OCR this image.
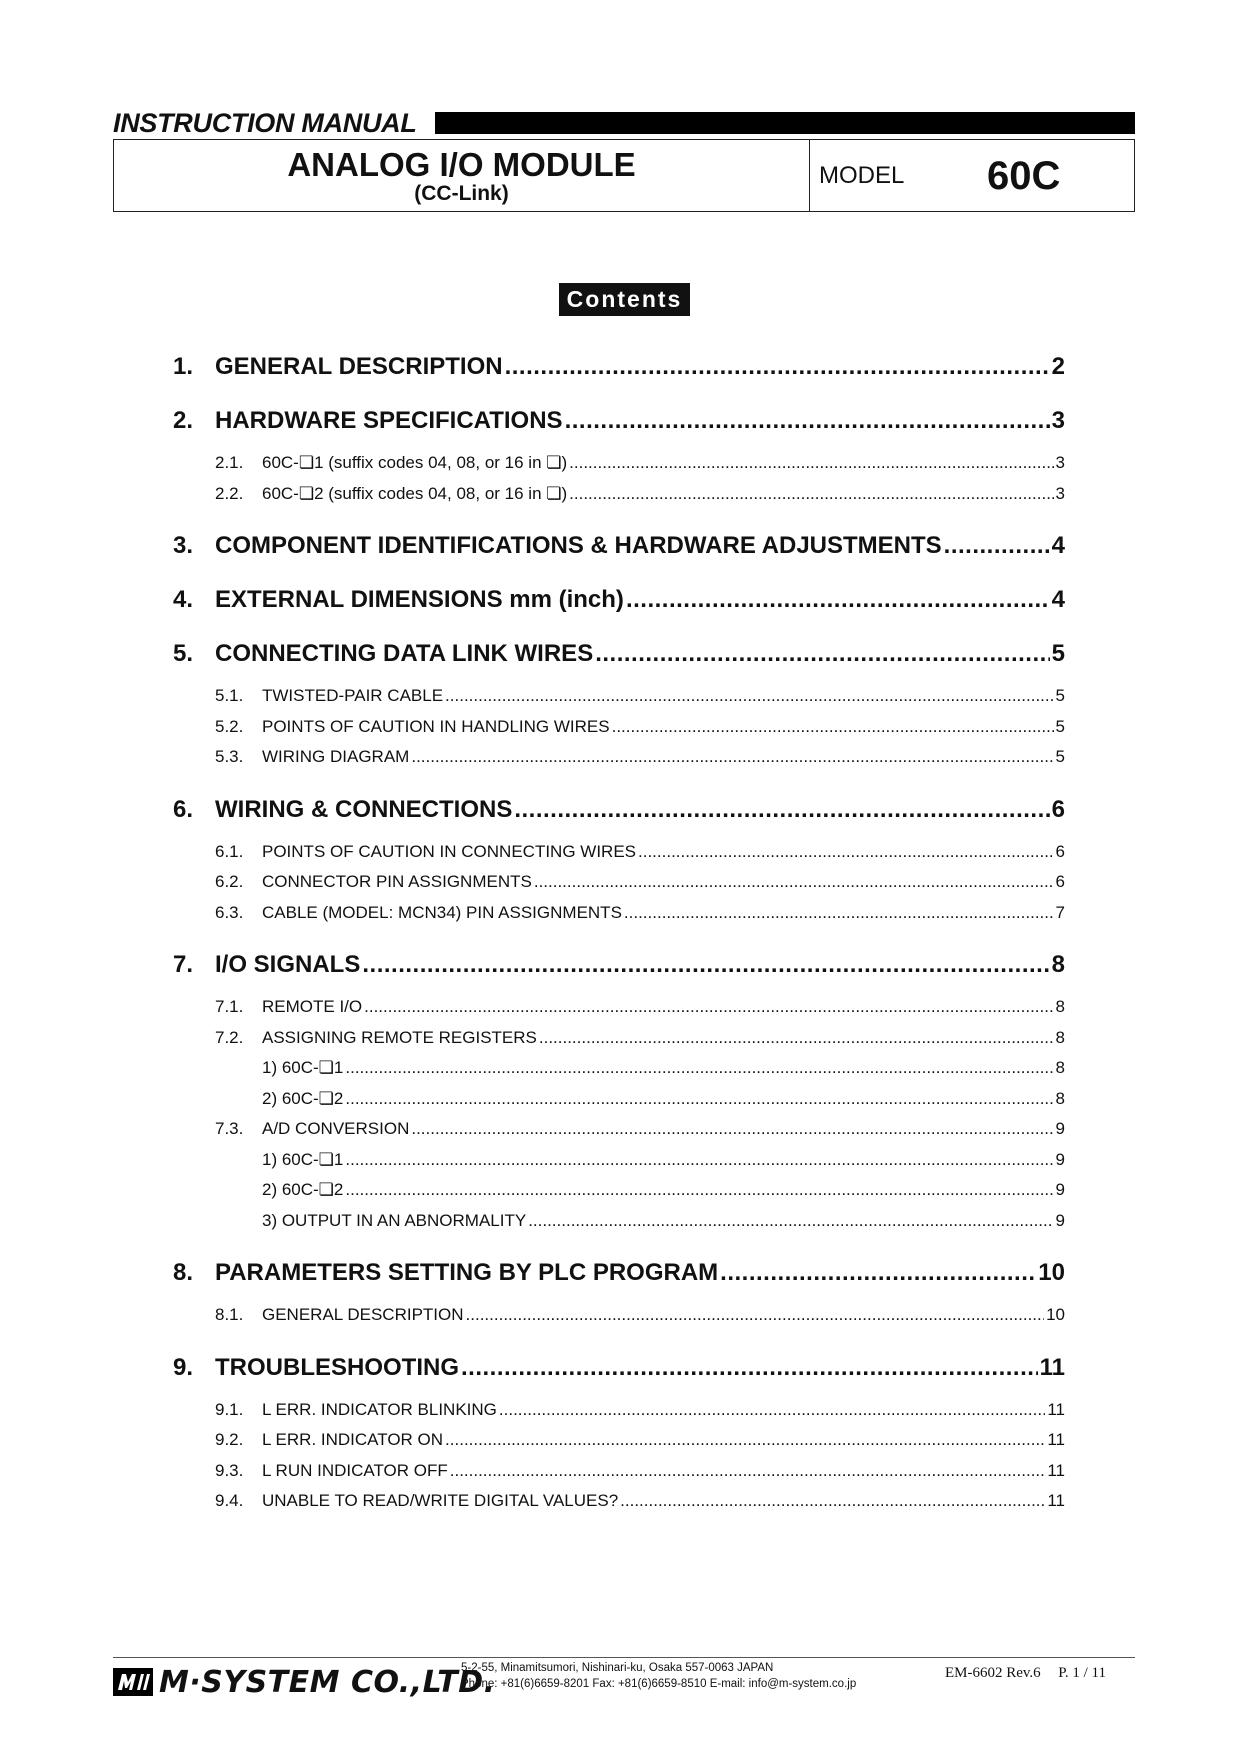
INSTRUCTION MANUAL
ANALOG I/O MODULE
(CC-Link)
MODEL 60C
Contents
1. GENERAL DESCRIPTION .....	2
2. HARDWARE SPECIFICATIONS .....	3
2.1.	60C-❏1 (suffix codes 04, 08, or 16 in ❏) .....	3
2.2.	60C-❏2 (suffix codes 04, 08, or 16 in ❏) .....	3
3. COMPONENT IDENTIFICATIONS & HARDWARE ADJUSTMENTS .....	4
4. EXTERNAL DIMENSIONS mm (inch) .....	4
5. CONNECTING DATA LINK WIRES .....	5
5.1.	TWISTED-PAIR CABLE .....	5
5.2.	POINTS OF CAUTION IN HANDLING WIRES .....	5
5.3.	WIRING DIAGRAM .....	5
6. WIRING & CONNECTIONS .....	6
6.1.	POINTS OF CAUTION IN CONNECTING WIRES .....	6
6.2.	CONNECTOR PIN ASSIGNMENTS .....	6
6.3.	CABLE (MODEL: MCN34) PIN ASSIGNMENTS .....	7
7. I/O SIGNALS .....	8
7.1.	REMOTE I/O .....	8
7.2.	ASSIGNING REMOTE REGISTERS .....	8
1) 60C-❏1 .....	8
2) 60C-❏2 .....	8
7.3.	A/D CONVERSION .....	9
1) 60C-❏1 .....	9
2) 60C-❏2 .....	9
3) OUTPUT IN AN ABNORMALITY .....	9
8. PARAMETERS SETTING BY PLC PROGRAM .....	10
8.1.	GENERAL DESCRIPTION .....	10
9. TROUBLESHOOTING .....	11
9.1.	L ERR. INDICATOR BLINKING .....	11
9.2.	L ERR. INDICATOR ON .....	11
9.3.	L RUN INDICATOR OFF .....	11
9.4.	UNABLE TO READ/WRITE DIGITAL VALUES? .....	11
M·SYSTEM CO.,LTD.
5-2-55, Minamitsumori, Nishinari-ku, Osaka 557-0063 JAPAN
Phone: +81(6)6659-8201 Fax: +81(6)6659-8510 E-mail: info@m-system.co.jp
EM-6602 Rev.6 P. 1 / 11
